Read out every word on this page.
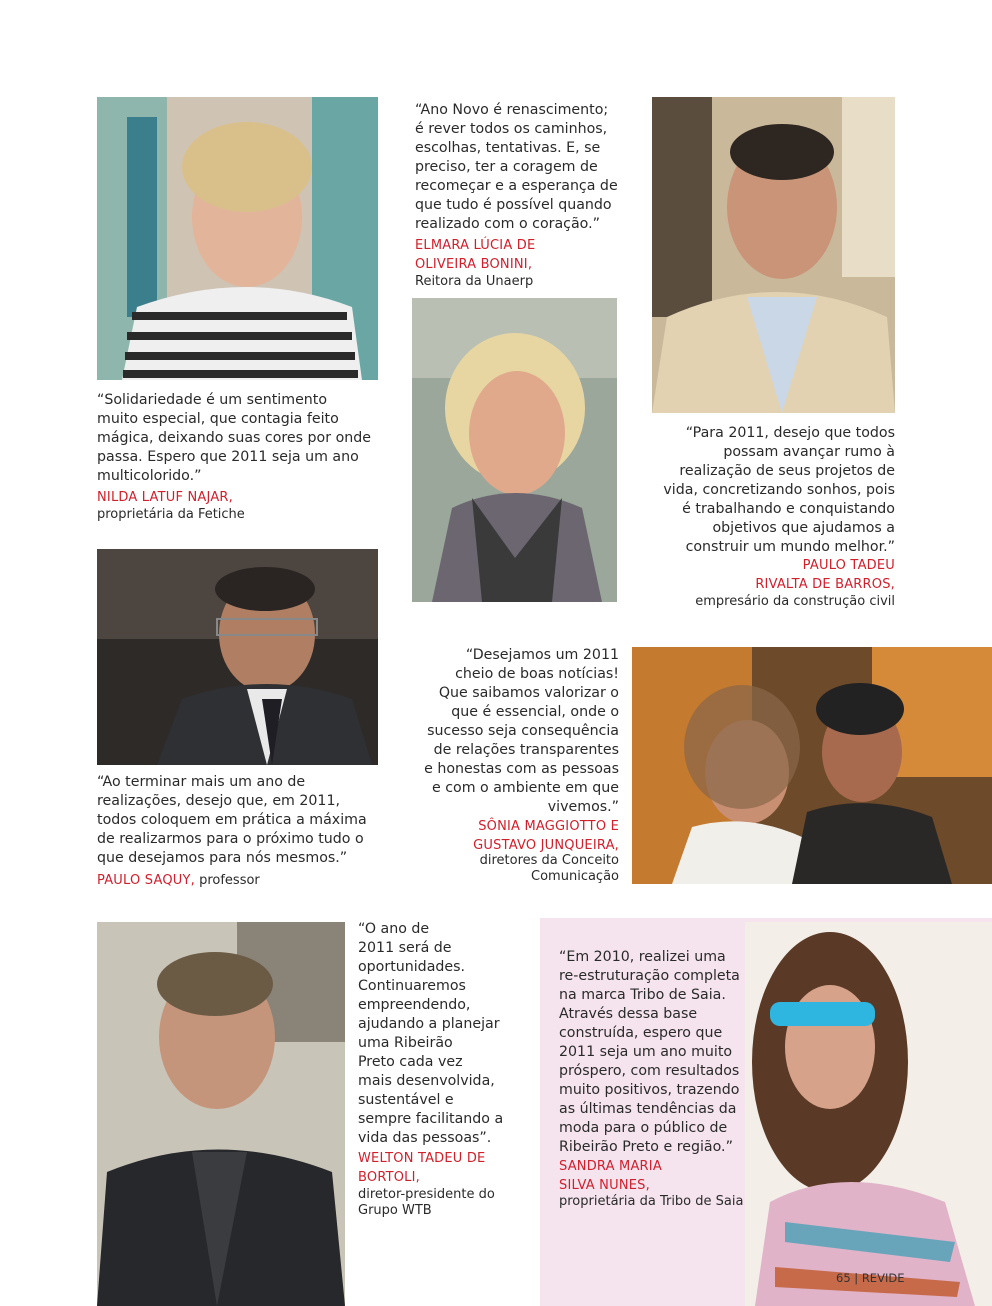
“Solidariedade é um sentimento
muito especial, que contagia feito
mágica, deixando suas cores por onde
passa. Espero que 2011 seja um ano
multicolorido.”
NILDA LATUF NAJAR,
proprietária da Fetiche
“Ano Novo é renascimento;
é rever todos os caminhos,
escolhas, tentativas. E, se
preciso, ter a coragem de
recomeçar e a esperança de
que tudo é possível quando
realizado com o coração.”
ELMARA LÚCIA DE
OLIVEIRA BONINI,
Reitora da Unaerp
“Para 2011, desejo que todos
possam avançar rumo à
realização de seus projetos de
vida, concretizando sonhos, pois
é trabalhando e conquistando
objetivos que ajudamos a
construir um mundo melhor.”
PAULO TADEU
RIVALTA DE BARROS,
empresário da construção civil
“Ao terminar mais um ano de
realizações, desejo que, em 2011,
todos coloquem em prática a máxima
de realizarmos para o próximo tudo o
que desejamos para nós mesmos.”
PAULO SAQUY, professor
“Desejamos um 2011
cheio de boas notícias!
Que saibamos valorizar o
que é essencial, onde o
sucesso seja consequência
de relações transparentes
e honestas com as pessoas
e com o ambiente em que
vivemos.”
SÔNIA MAGGIOTTO E
GUSTAVO JUNQUEIRA,
diretores da Conceito
Comunicação
“O ano de
2011 será de
oportunidades.
Continuaremos
empreendendo,
ajudando a planejar
uma Ribeirão
Preto cada vez
mais desenvolvida,
sustentável e
sempre facilitando a
vida das pessoas”.
WELTON TADEU DE
BORTOLI,
diretor-presidente do
Grupo WTB
“Em 2010, realizei uma
re-estruturação completa
na marca Tribo de Saia.
Através dessa base
construída, espero que
2011 seja um ano muito
próspero, com resultados
muito positivos, trazendo
as últimas tendências da
moda para o público de
Ribeirão Preto e região.”
SANDRA MARIA
SILVA NUNES,
proprietária da Tribo de Saia
65 | REVIDE
